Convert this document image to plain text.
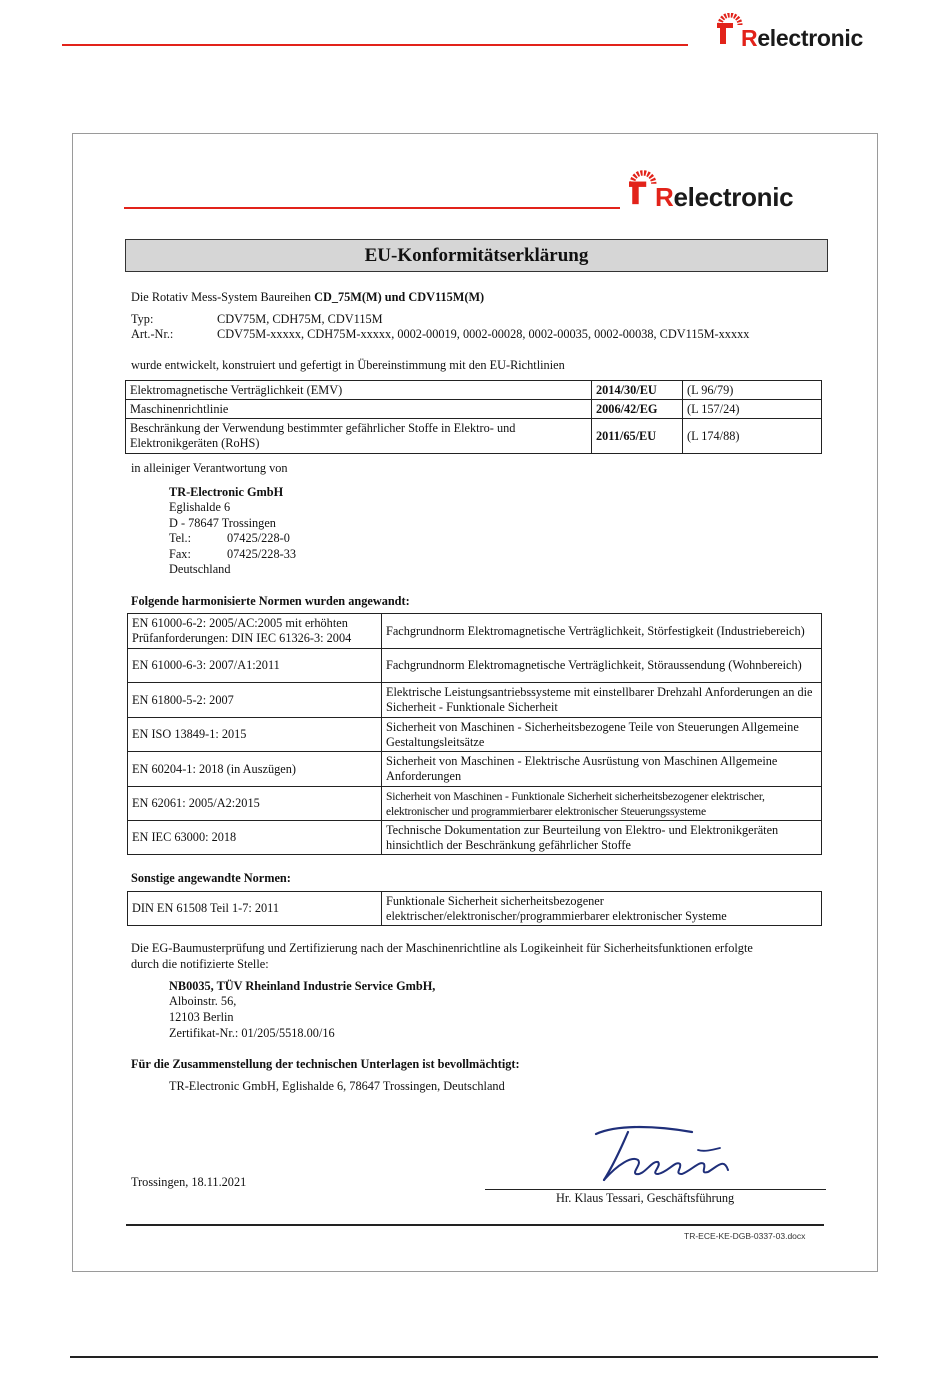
Relectronic
Relectronic
EU-Konformitätserklärung
Die Rotativ Mess-System Baureihen CD_75M(M) und CDV115M(M)
Typ:	CDV75M, CDH75M, CDV115M
Art.-Nr.:	CDV75M-xxxxx, CDH75M-xxxxx, 0002-00019, 0002-00028, 0002-00035, 0002-00038, CDV115M-xxxxx
wurde entwickelt, konstruiert und gefertigt in Übereinstimmung mit den EU-Richtlinien
Elektromagnetische Verträglichkeit (EMV)	2014/30/EU	(L 96/79)
Maschinenrichtlinie	2006/42/EG	(L 157/24)
Beschränkung der Verwendung bestimmter gefährlicher Stoffe in Elektro- und Elektronikgeräten (RoHS)	2011/65/EU	(L 174/88)
in alleiniger Verantwortung von
TR-Electronic GmbH
Eglishalde 6
D - 78647 Trossingen
Tel.:	07425/228-0
Fax:	07425/228-33
Deutschland
Folgende harmonisierte Normen wurden angewandt:
EN 61000-6-2: 2005/AC:2005 mit erhöhten Prüfanforderungen: DIN IEC 61326-3: 2004	Fachgrundnorm Elektromagnetische Verträglichkeit, Störfestigkeit (Industriebereich)
EN 61000-6-3: 2007/A1:2011	Fachgrundnorm Elektromagnetische Verträglichkeit, Störaussendung (Wohnbereich)
EN 61800-5-2: 2007	Elektrische Leistungsantriebssysteme mit einstellbarer Drehzahl Anforderungen an die Sicherheit - Funktionale Sicherheit
EN ISO 13849-1: 2015	Sicherheit von Maschinen - Sicherheitsbezogene Teile von Steuerungen Allgemeine Gestaltungsleitsätze
EN 60204-1: 2018 (in Auszügen)	Sicherheit von Maschinen - Elektrische Ausrüstung von Maschinen Allgemeine Anforderungen
EN 62061: 2005/A2:2015	Sicherheit von Maschinen - Funktionale Sicherheit sicherheitsbezogener elektrischer, elektronischer und programmierbarer elektronischer Steuerungssysteme
EN IEC 63000: 2018	Technische Dokumentation zur Beurteilung von Elektro- und Elektronikgeräten hinsichtlich der Beschränkung gefährlicher Stoffe
Sonstige angewandte Normen:
DIN EN 61508 Teil 1-7: 2011	Funktionale Sicherheit sicherheitsbezogener elektrischer/elektronischer/programmierbarer elektronischer Systeme
Die EG-Baumusterprüfung und Zertifizierung nach der Maschinenrichtline als Logikeinheit für Sicherheitsfunktionen erfolgte
durch die notifizierte Stelle:
NB0035, TÜV Rheinland Industrie Service GmbH,
Alboinstr. 56,
12103 Berlin
Zertifikat-Nr.: 01/205/5518.00/16
Für die Zusammenstellung der technischen Unterlagen ist bevollmächtigt:
TR-Electronic GmbH, Eglishalde 6, 78647 Trossingen, Deutschland
Trossingen, 18.11.2021
Hr. Klaus Tessari, Geschäftsführung
TR-ECE-KE-DGB-0337-03.docx
